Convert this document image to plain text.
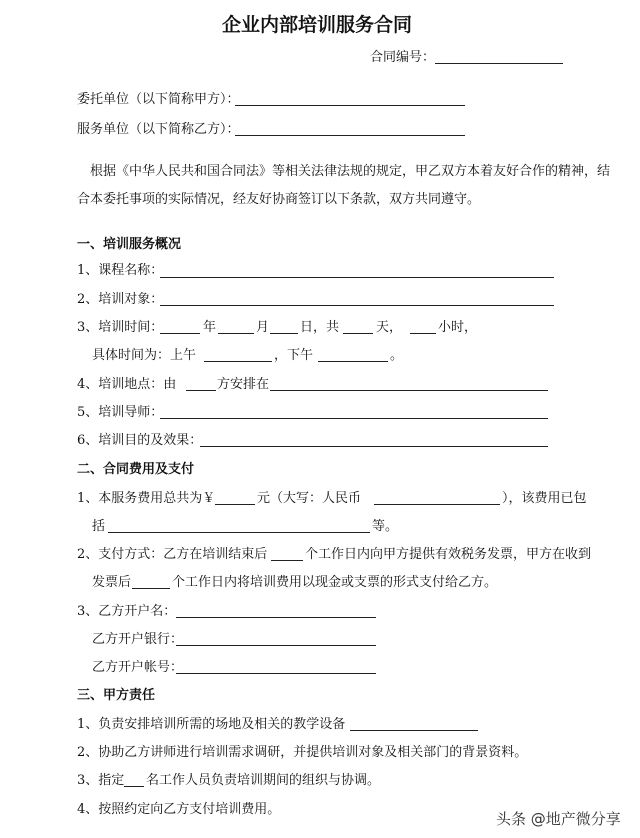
企业内部培训服务合同
合同编号：
委托单位（以下简称甲方）：
服务单位（以下简称乙方）：
根据《中华人民共和国合同法》等相关法律法规的规定，甲乙双方本着友好合作的精神，结
合本委托事项的实际情况，经友好协商签订以下条款，双方共同遵守。
一、培训服务概况
1、课程名称：
2、培训对象：
3、培训时间：	年	月 日，共	天，	小时，
具体时间为：上午	，下午	。
4、培训地点：由	方安排在
5、培训导师：
6、培训目的及效果：
二、合同费用及支付
1、本服务费用总共为￥	元（大写：人民币	），该费用已包
括	等。
2、支付方式：乙方在培训结束后	个工作日内向甲方提供有效税务发票，甲方在收到
发票后	个工作日内将培训费用以现金或支票的形式支付给乙方。
3、乙方开户名：
乙方开户银行：
乙方开户帐号：
三、甲方责任
1、负责安排培训所需的场地及相关的教学设备
2、协助乙方讲师进行培训需求调研，并提供培训对象及相关部门的背景资料。
3、指定 名工作人员负责培训期间的组织与协调。
4、按照约定向乙方支付培训费用。
头条 @地产微分享
